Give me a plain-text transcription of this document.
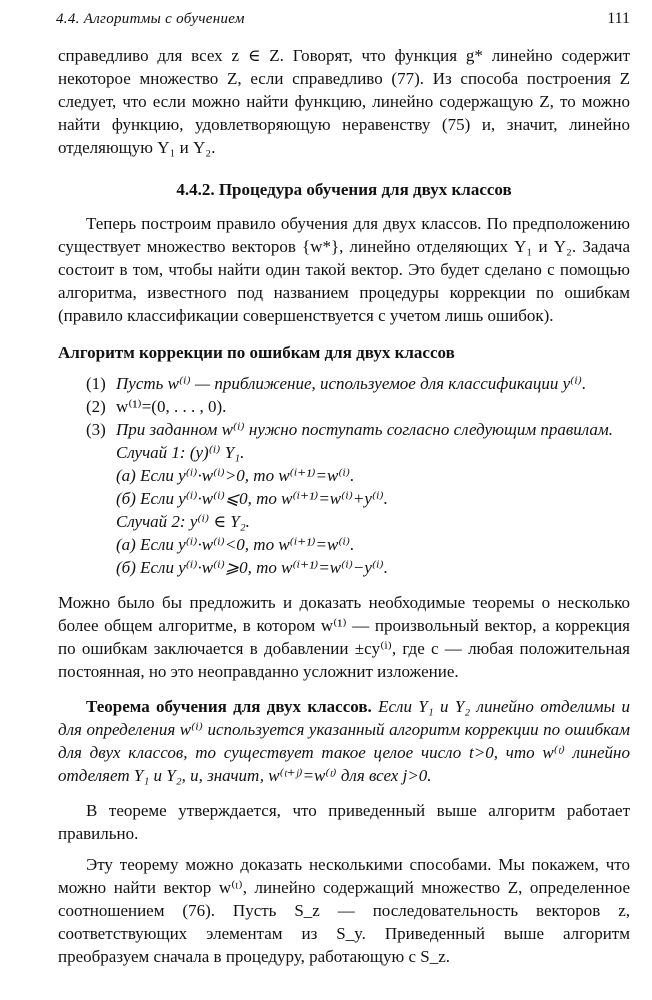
4.4. Алгоритмы с обучением	111

справедливо для всех z ∈ Z. Говорят, что функция g* линейно содержит некоторое множество Z, если справедливо (77). Из способа построения Z следует, что если можно найти функцию, линейно содержащую Z, то можно найти функцию, удовлетворяющую неравенству (75) и, значит, линейно отделяющую Y₁ и Y₂.

4.4.2. Процедура обучения для двух классов

Теперь построим правило обучения для двух классов. По предположению существует множество векторов {w*}, линейно отделяющих Y₁ и Y₂. Задача состоит в том, чтобы найти один такой вектор. Это будет сделано с помощью алгоритма, известного под названием процедуры коррекции по ошибкам (правило классификации совершенствуется с учетом лишь ошибок).

Алгоритм коррекции по ошибкам для двух классов
(1) Пусть w⁽ⁱ⁾ — приближение, используемое для классификации y⁽ⁱ⁾.
(2) w⁽¹⁾=(0, . . . , 0).
(3) При заданном w⁽ⁱ⁾ нужно поступать согласно следующим правилам.
Случай 1: (y)⁽ⁱ⁾ Y₁.
(а) Если y⁽ⁱ⁾·w⁽ⁱ⁾>0, то w⁽ⁱ⁺¹⁾=w⁽ⁱ⁾.
(б) Если y⁽ⁱ⁾·w⁽ⁱ⁾⩽0, то w⁽ⁱ⁺¹⁾=w⁽ⁱ⁾+y⁽ⁱ⁾.
Случай 2: y⁽ⁱ⁾ ∈ Y₂.
(а) Если y⁽ⁱ⁾·w⁽ⁱ⁾<0, то w⁽ⁱ⁺¹⁾=w⁽ⁱ⁾.
(б) Если y⁽ⁱ⁾·w⁽ⁱ⁾⩾0, то w⁽ⁱ⁺¹⁾=w⁽ⁱ⁾−y⁽ⁱ⁾.

Можно было бы предложить и доказать необходимые теоремы о несколько более общем алгоритме, в котором w⁽¹⁾ — произвольный вектор, а коррекция по ошибкам заключается в добавлении ±cy⁽ⁱ⁾, где c — любая положительная постоянная, но это неоправданно усложнит изложение.

Теорема обучения для двух классов. Если Y₁ и Y₂ линейно отделимы и для определения w⁽ⁱ⁾ используется указанный алгоритм коррекции по ошибкам для двух классов, то существует такое целое число t>0, что w⁽ᵗ⁾ линейно отделяет Y₁ и Y₂, и, значит, w⁽ᵗ⁺ʲ⁾=w⁽ᵗ⁾ для всех j>0.

В теореме утверждается, что приведенный выше алгоритм работает правильно.

Эту теорему можно доказать несколькими способами. Мы покажем, что можно найти вектор w⁽ᵗ⁾, линейно содержащий множество Z, определенное соотношением (76). Пусть S_z — последовательность векторов z, соответствующих элементам из S_y. Приведенный выше алгоритм преобразуем сначала в процедуру, работающую с S_z.
